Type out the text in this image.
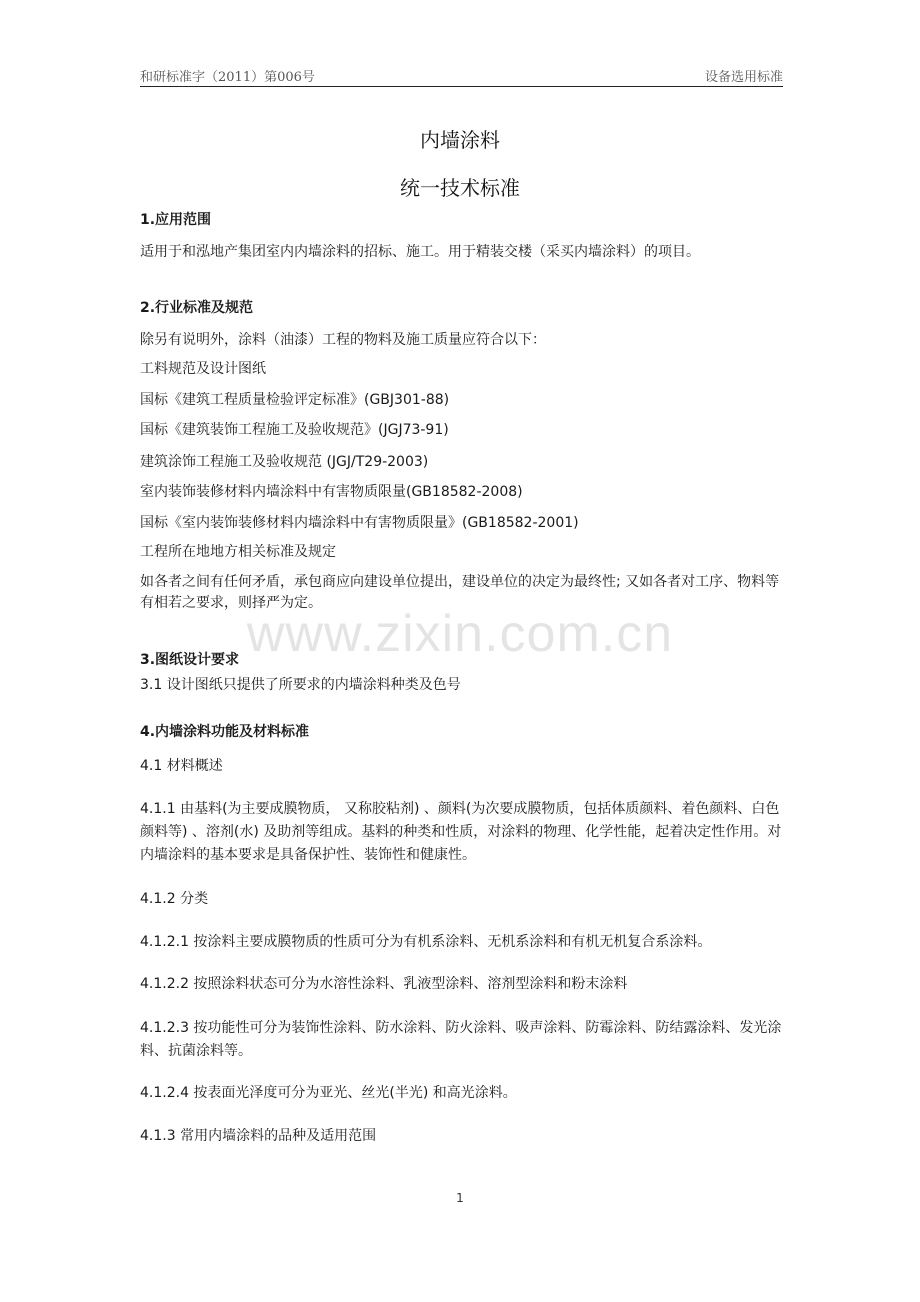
和研标准字（2011）第006号	设备选用标准
内墙涂料
统一技术标准
1.应用范围
适用于和泓地产集团室内内墙涂料的招标、施工。用于精装交楼（采买内墙涂料）的项目。
2.行业标准及规范
除另有说明外，涂料（油漆）工程的物料及施工质量应符合以下：
工料规范及设计图纸
国标《建筑工程质量检验评定标准》(GBJ301-88)
国标《建筑装饰工程施工及验收规范》(JGJ73-91)
建筑涂饰工程施工及验收规范 (JGJ/T29-2003)
室内装饰装修材料内墙涂料中有害物质限量(GB18582-2008)
国标《室内装饰装修材料内墙涂料中有害物质限量》(GB18582-2001)
工程所在地地方相关标准及规定
如各者之间有任何矛盾，承包商应向建设单位提出，建设单位的决定为最终性; 又如各者对工序、物料等有相若之要求，则择严为定。
www.zixin.com.cn
3.图纸设计要求
3.1 设计图纸只提供了所要求的内墙涂料种类及色号
4.内墙涂料功能及材料标准
4.1 材料概述
4.1.1 由基料(为主要成膜物质， 又称胶粘剂) 、颜料(为次要成膜物质，包括体质颜料、着色颜料、白色颜料等) 、溶剂(水) 及助剂等组成。基料的种类和性质，对涂料的物理、化学性能，起着决定性作用。对内墙涂料的基本要求是具备保护性、装饰性和健康性。
4.1.2 分类
4.1.2.1 按涂料主要成膜物质的性质可分为有机系涂料、无机系涂料和有机无机复合系涂料。
4.1.2.2 按照涂料状态可分为水溶性涂料、乳液型涂料、溶剂型涂料和粉末涂料
4.1.2.3 按功能性可分为装饰性涂料、防水涂料、防火涂料、吸声涂料、防霉涂料、防结露涂料、发光涂料、抗菌涂料等。
4.1.2.4 按表面光泽度可分为亚光、丝光(半光) 和高光涂料。
4.1.3 常用内墙涂料的品种及适用范围
1
